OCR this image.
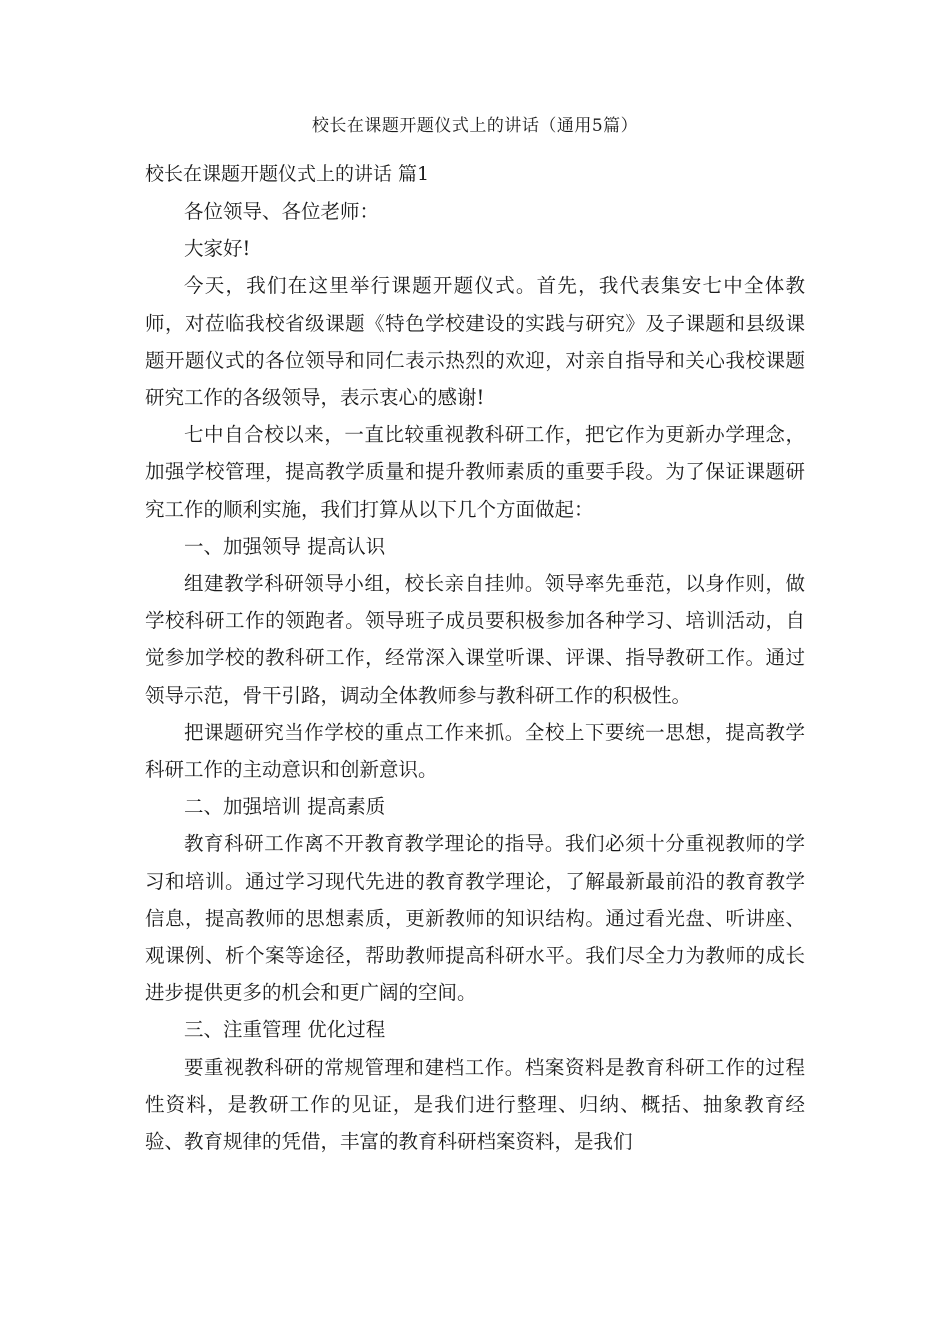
校长在课题开题仪式上的讲话（通用5篇）

校长在课题开题仪式上的讲话 篇1

各位领导、各位老师：

大家好!

今天，我们在这里举行课题开题仪式。首先，我代表集安七中全体教师，对莅临我校省级课题《特色学校建设的实践与研究》及子课题和县级课题开题仪式的各位领导和同仁表示热烈的欢迎，对亲自指导和关心我校课题研究工作的各级领导，表示衷心的感谢!

七中自合校以来，一直比较重视教科研工作，把它作为更新办学理念，加强学校管理，提高教学质量和提升教师素质的重要手段。为了保证课题研究工作的顺利实施，我们打算从以下几个方面做起：

一、加强领导 提高认识

组建教学科研领导小组，校长亲自挂帅。领导率先垂范，以身作则，做学校科研工作的领跑者。领导班子成员要积极参加各种学习、培训活动，自觉参加学校的教科研工作，经常深入课堂听课、评课、指导教研工作。通过领导示范，骨干引路，调动全体教师参与教科研工作的积极性。

把课题研究当作学校的重点工作来抓。全校上下要统一思想，提高教学科研工作的主动意识和创新意识。

二、加强培训 提高素质

教育科研工作离不开教育教学理论的指导。我们必须十分重视教师的学习和培训。通过学习现代先进的教育教学理论，了解最新最前沿的教育教学信息，提高教师的思想素质，更新教师的知识结构。通过看光盘、听讲座、观课例、析个案等途径，帮助教师提高科研水平。我们尽全力为教师的成长进步提供更多的机会和更广阔的空间。

三、注重管理 优化过程

要重视教科研的常规管理和建档工作。档案资料是教育科研工作的过程性资料，是教研工作的见证，是我们进行整理、归纳、概括、抽象教育经验、教育规律的凭借，丰富的教育科研档案资料，是我们
